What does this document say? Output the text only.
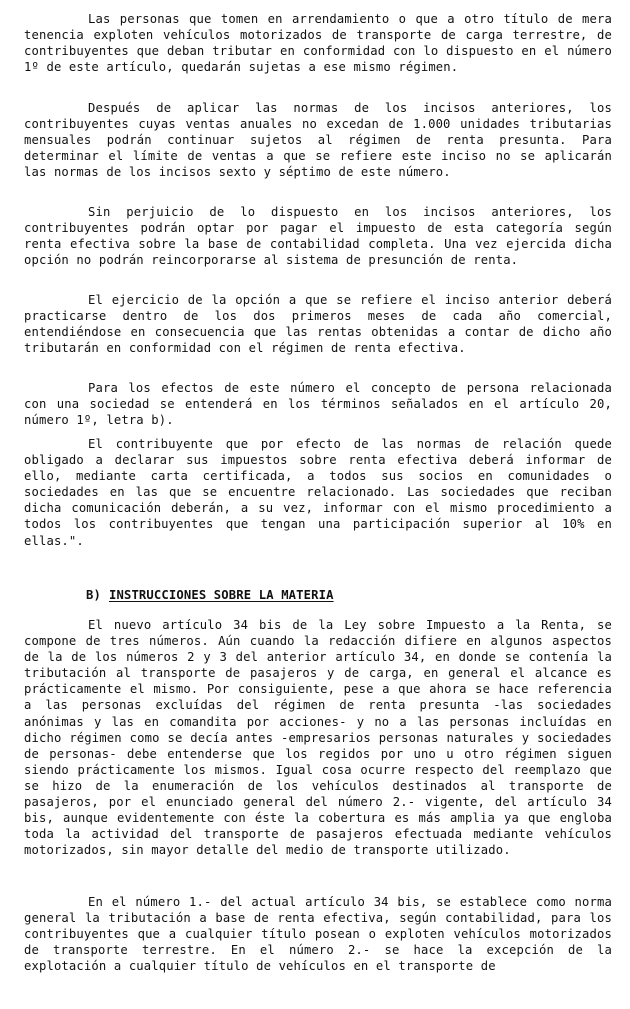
Las personas que tomen en arrendamiento o que a otro título de mera tenencia exploten vehículos motorizados de transporte de carga terrestre, de contribuyentes que deban tributar en conformidad con lo dispuesto en el número 1º de este artículo, quedarán sujetas a ese mismo régimen.

Después de aplicar las normas de los incisos anteriores, los contribuyentes cuyas ventas anuales no excedan de 1.000 unidades tributarias mensuales podrán continuar sujetos al régimen de renta presunta. Para determinar el límite de ventas a que se refiere este inciso no se aplicarán las normas de los incisos sexto y séptimo de este número.

Sin perjuicio de lo dispuesto en los incisos anteriores, los contribuyentes podrán optar por pagar el impuesto de esta categoría según renta efectiva sobre la base de contabilidad completa. Una vez ejercida dicha opción no podrán reincorporarse al sistema de presunción de renta.

El ejercicio de la opción a que se refiere el inciso anterior deberá practicarse dentro de los dos primeros meses de cada año comercial, entendiéndose en consecuencia que las rentas obtenidas a contar de dicho año tributarán en conformidad con el régimen de renta efectiva.

Para los efectos de este número el concepto de persona relacionada con una sociedad se entenderá en los términos señalados en el artículo 20, número 1º, letra b).

El contribuyente que por efecto de las normas de relación quede obligado a declarar sus impuestos sobre renta efectiva deberá informar de ello, mediante carta certificada, a todos sus socios en comunidades o sociedades en las que se encuentre relacionado. Las sociedades que reciban dicha comunicación deberán, a su vez, informar con el mismo procedimiento a todos los contribuyentes que tengan una participación superior al 10% en ellas.".

B) INSTRUCCIONES SOBRE LA MATERIA

El nuevo artículo 34 bis de la Ley sobre Impuesto a la Renta, se compone de tres números. Aún cuando la redacción difiere en algunos aspectos de la de los números 2 y 3 del anterior artículo 34, en donde se contenía la tributación al transporte de pasajeros y de carga, en general el alcance es prácticamente el mismo. Por consiguiente, pese a que ahora se hace referencia a las personas excluídas del régimen de renta presunta -las sociedades anónimas y las en comandita por acciones- y no a las personas incluídas en dicho régimen como se decía antes -empresarios personas naturales y sociedades de personas- debe entenderse que los regidos por uno u otro régimen siguen siendo prácticamente los mismos. Igual cosa ocurre respecto del reemplazo que se hizo de la enumeración de los vehículos destinados al transporte de pasajeros, por el enunciado general del número 2.- vigente, del artículo 34 bis, aunque evidentemente con éste la cobertura es más amplia ya que engloba toda la actividad del transporte de pasajeros efectuada mediante vehículos motorizados, sin mayor detalle del medio de transporte utilizado.

En el número 1.- del actual artículo 34 bis, se establece como norma general la tributación a base de renta efectiva, según contabilidad, para los contribuyentes que a cualquier título posean o exploten vehículos motorizados de transporte terrestre. En el número 2.- se hace la excepción de la explotación a cualquier título de vehículos en el transporte de
